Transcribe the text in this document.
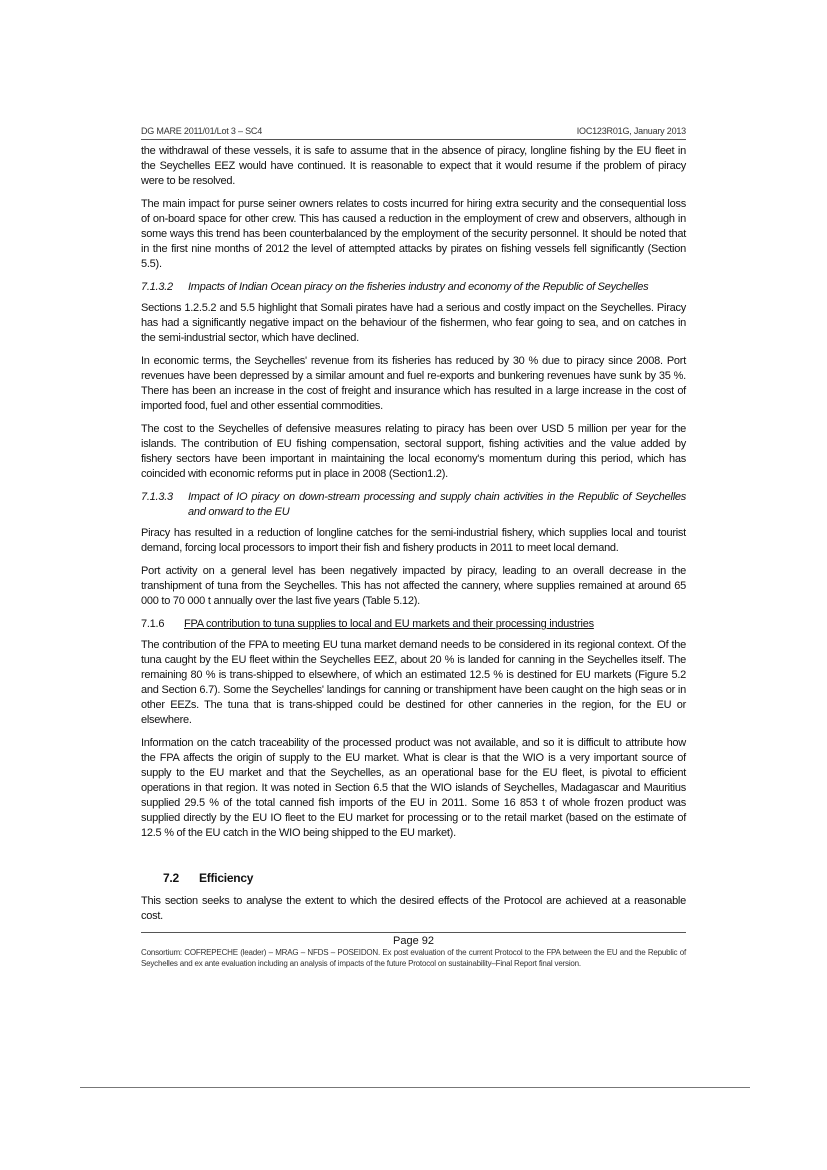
DG MARE 2011/01/Lot 3 – SC4	IOC123R01G, January 2013

the withdrawal of these vessels, it is safe to assume that in the absence of piracy, longline fishing by the EU fleet in the Seychelles EEZ would have continued. It is reasonable to expect that it would resume if the problem of piracy were to be resolved.

The main impact for purse seiner owners relates to costs incurred for hiring extra security and the consequential loss of on-board space for other crew. This has caused a reduction in the employment of crew and observers, although in some ways this trend has been counterbalanced by the employment of the security personnel. It should be noted that in the first nine months of 2012 the level of attempted attacks by pirates on fishing vessels fell significantly (Section 5.5).

7.1.3.2	Impacts of Indian Ocean piracy on the fisheries industry and economy of the Republic of Seychelles

Sections 1.2.5.2 and 5.5 highlight that Somali pirates have had a serious and costly impact on the Seychelles. Piracy has had a significantly negative impact on the behaviour of the fishermen, who fear going to sea, and on catches in the semi-industrial sector, which have declined.

In economic terms, the Seychelles' revenue from its fisheries has reduced by 30 % due to piracy since 2008. Port revenues have been depressed by a similar amount and fuel re-exports and bunkering revenues have sunk by 35 %. There has been an increase in the cost of freight and insurance which has resulted in a large increase in the cost of imported food, fuel and other essential commodities.

The cost to the Seychelles of defensive measures relating to piracy has been over USD 5 million per year for the islands. The contribution of EU fishing compensation, sectoral support, fishing activities and the value added by fishery sectors have been important in maintaining the local economy's momentum during this period, which has coincided with economic reforms put in place in 2008 (Section1.2).

7.1.3.3	Impact of IO piracy on down-stream processing and supply chain activities in the Republic of Seychelles and onward to the EU

Piracy has resulted in a reduction of longline catches for the semi-industrial fishery, which supplies local and tourist demand, forcing local processors to import their fish and fishery products in 2011 to meet local demand.

Port activity on a general level has been negatively impacted by piracy, leading to an overall decrease in the transhipment of tuna from the Seychelles. This has not affected the cannery, where supplies remained at around 65 000 to 70 000 t annually over the last five years (Table 5.12).

7.1.6	FPA contribution to tuna supplies to local and EU markets and their processing industries

The contribution of the FPA to meeting EU tuna market demand needs to be considered in its regional context. Of the tuna caught by the EU fleet within the Seychelles EEZ, about 20 % is landed for canning in the Seychelles itself. The remaining 80 % is trans-shipped to elsewhere, of which an estimated 12.5 % is destined for EU markets (Figure 5.2 and Section 6.7). Some the Seychelles' landings for canning or transhipment have been caught on the high seas or in other EEZs. The tuna that is trans-shipped could be destined for other canneries in the region, for the EU or elsewhere.

Information on the catch traceability of the processed product was not available, and so it is difficult to attribute how the FPA affects the origin of supply to the EU market. What is clear is that the WIO is a very important source of supply to the EU market and that the Seychelles, as an operational base for the EU fleet, is pivotal to efficient operations in that region. It was noted in Section 6.5 that the WIO islands of Seychelles, Madagascar and Mauritius supplied 29.5 % of the total canned fish imports of the EU in 2011. Some 16 853 t of whole frozen product was supplied directly by the EU IO fleet to the EU market for processing or to the retail market (based on the estimate of 12.5 % of the EU catch in the WIO being shipped to the EU market).

7.2	Efficiency

This section seeks to analyse the extent to which the desired effects of the Protocol are achieved at a reasonable cost.

Page 92
Consortium: COFREPECHE (leader) – MRAG – NFDS – POSEIDON. Ex post evaluation of the current Protocol to the FPA between the EU and the Republic of Seychelles and ex ante evaluation including an analysis of impacts of the future Protocol on sustainability–Final Report final version.
